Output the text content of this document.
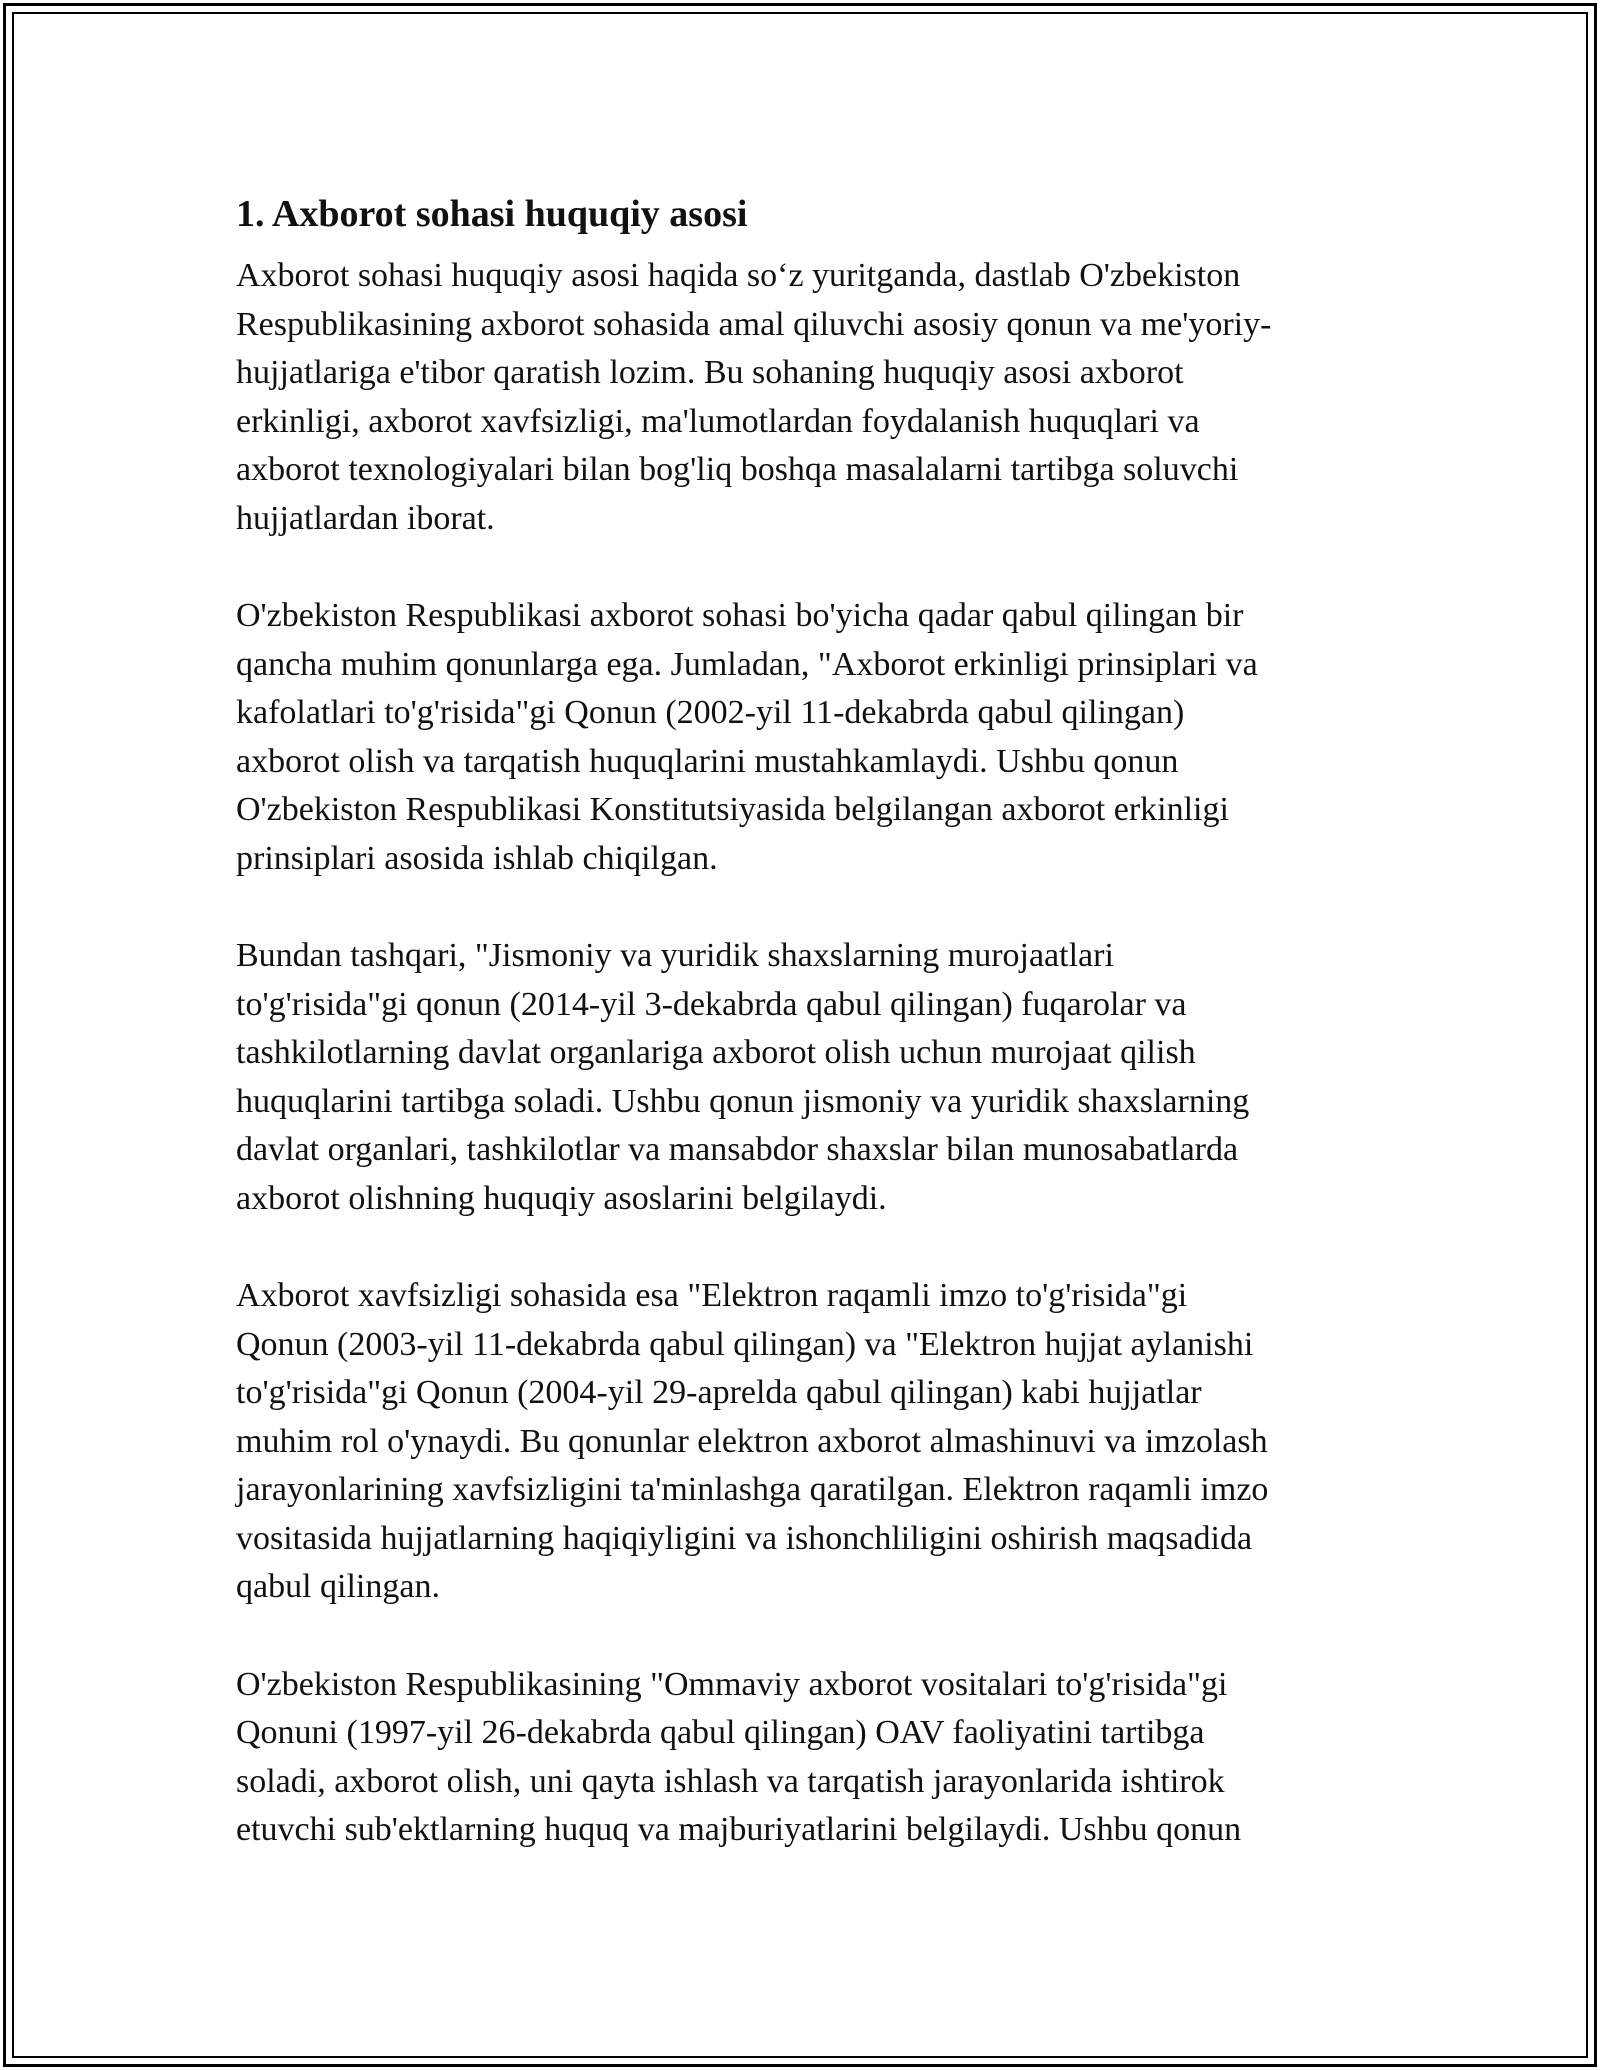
1. Axborot sohasi huquqiy asosi

Axborot sohasi huquqiy asosi haqida so‘z yuritganda, dastlab O'zbekiston
Respublikasining axborot sohasida amal qiluvchi asosiy qonun va me'yoriy-
hujjatlariga e'tibor qaratish lozim. Bu sohaning huquqiy asosi axborot
erkinligi, axborot xavfsizligi, ma'lumotlardan foydalanish huquqlari va
axborot texnologiyalari bilan bog'liq boshqa masalalarni tartibga soluvchi
hujjatlardan iborat.

O'zbekiston Respublikasi axborot sohasi bo'yicha qadar qabul qilingan bir
qancha muhim qonunlarga ega. Jumladan, "Axborot erkinligi prinsiplari va
kafolatlari to'g'risida"gi Qonun (2002-yil 11-dekabrda qabul qilingan)
axborot olish va tarqatish huquqlarini mustahkamlaydi. Ushbu qonun
O'zbekiston Respublikasi Konstitutsiyasida belgilangan axborot erkinligi
prinsiplari asosida ishlab chiqilgan.

Bundan tashqari, "Jismoniy va yuridik shaxslarning murojaatlari
to'g'risida"gi qonun (2014-yil 3-dekabrda qabul qilingan) fuqarolar va
tashkilotlarning davlat organlariga axborot olish uchun murojaat qilish
huquqlarini tartibga soladi. Ushbu qonun jismoniy va yuridik shaxslarning
davlat organlari, tashkilotlar va mansabdor shaxslar bilan munosabatlarda
axborot olishning huquqiy asoslarini belgilaydi.

Axborot xavfsizligi sohasida esa "Elektron raqamli imzo to'g'risida"gi
Qonun (2003-yil 11-dekabrda qabul qilingan) va "Elektron hujjat aylanishi
to'g'risida"gi Qonun (2004-yil 29-aprelda qabul qilingan) kabi hujjatlar
muhim rol o'ynaydi. Bu qonunlar elektron axborot almashinuvi va imzolash
jarayonlarining xavfsizligini ta'minlashga qaratilgan. Elektron raqamli imzo
vositasida hujjatlarning haqiqiyligini va ishonchliligini oshirish maqsadida
qabul qilingan.

O'zbekiston Respublikasining "Ommaviy axborot vositalari to'g'risida"gi
Qonuni (1997-yil 26-dekabrda qabul qilingan) OAV faoliyatini tartibga
soladi, axborot olish, uni qayta ishlash va tarqatish jarayonlarida ishtirok
etuvchi sub'ektlarning huquq va majburiyatlarini belgilaydi. Ushbu qonun
